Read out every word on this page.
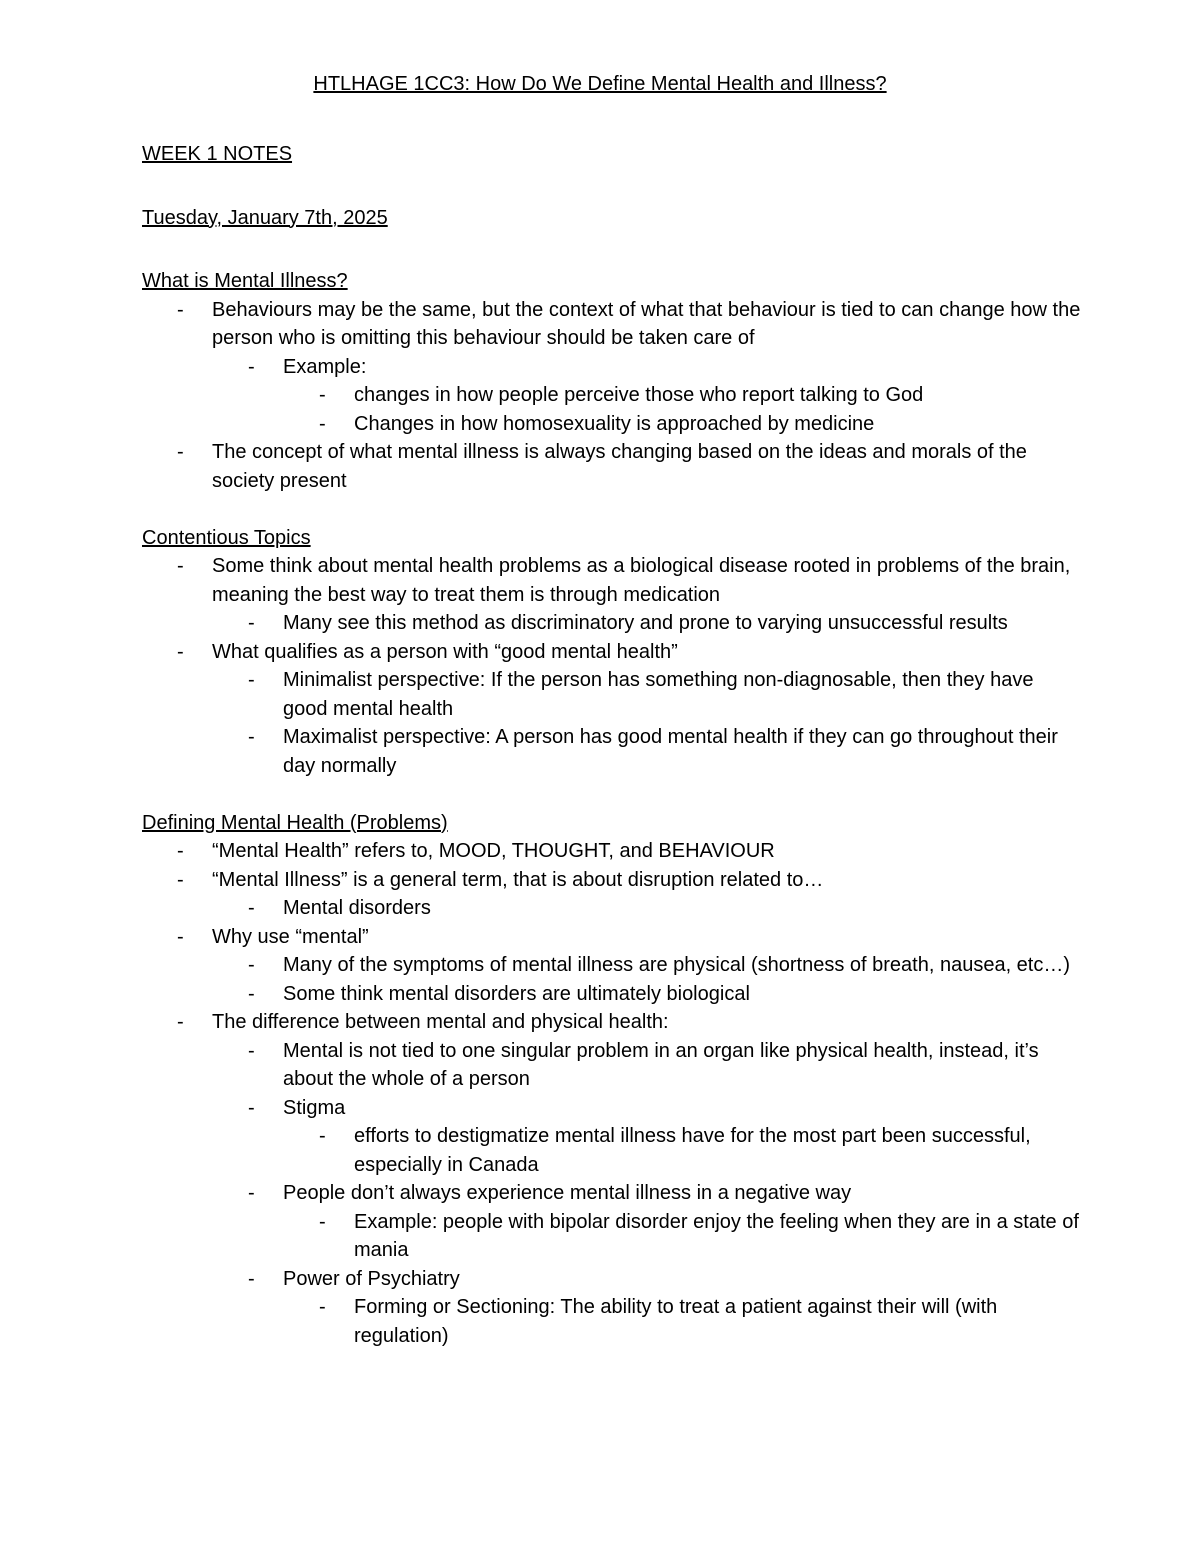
HTLHAGE 1CC3: How Do We Define Mental Health and Illness?
WEEK 1 NOTES
Tuesday, January 7th, 2025
What is Mental Illness?
- Behaviours may be the same, but the context of what that behaviour is tied to can change how the person who is omitting this behaviour should be taken care of
- Example:
- changes in how people perceive those who report talking to God
- Changes in how homosexuality is approached by medicine
- The concept of what mental illness is always changing based on the ideas and morals of the society present
Contentious Topics
- Some think about mental health problems as a biological disease rooted in problems of the brain, meaning the best way to treat them is through medication
- Many see this method as discriminatory and prone to varying unsuccessful results
- What qualifies as a person with “good mental health”
- Minimalist perspective: If the person has something non-diagnosable, then they have good mental health
- Maximalist perspective: A person has good mental health if they can go throughout their day normally
Defining Mental Health (Problems)
- “Mental Health” refers to, MOOD, THOUGHT, and BEHAVIOUR
- “Mental Illness” is a general term, that is about disruption related to…
- Mental disorders
- Why use “mental”
- Many of the symptoms of mental illness are physical (shortness of breath, nausea, etc…)
- Some think mental disorders are ultimately biological
- The difference between mental and physical health:
- Mental is not tied to one singular problem in an organ like physical health, instead, it’s about the whole of a person
- Stigma
- efforts to destigmatize mental illness have for the most part been successful, especially in Canada
- People don’t always experience mental illness in a negative way
- Example: people with bipolar disorder enjoy the feeling when they are in a state of mania
- Power of Psychiatry
- Forming or Sectioning: The ability to treat a patient against their will (with regulation)
